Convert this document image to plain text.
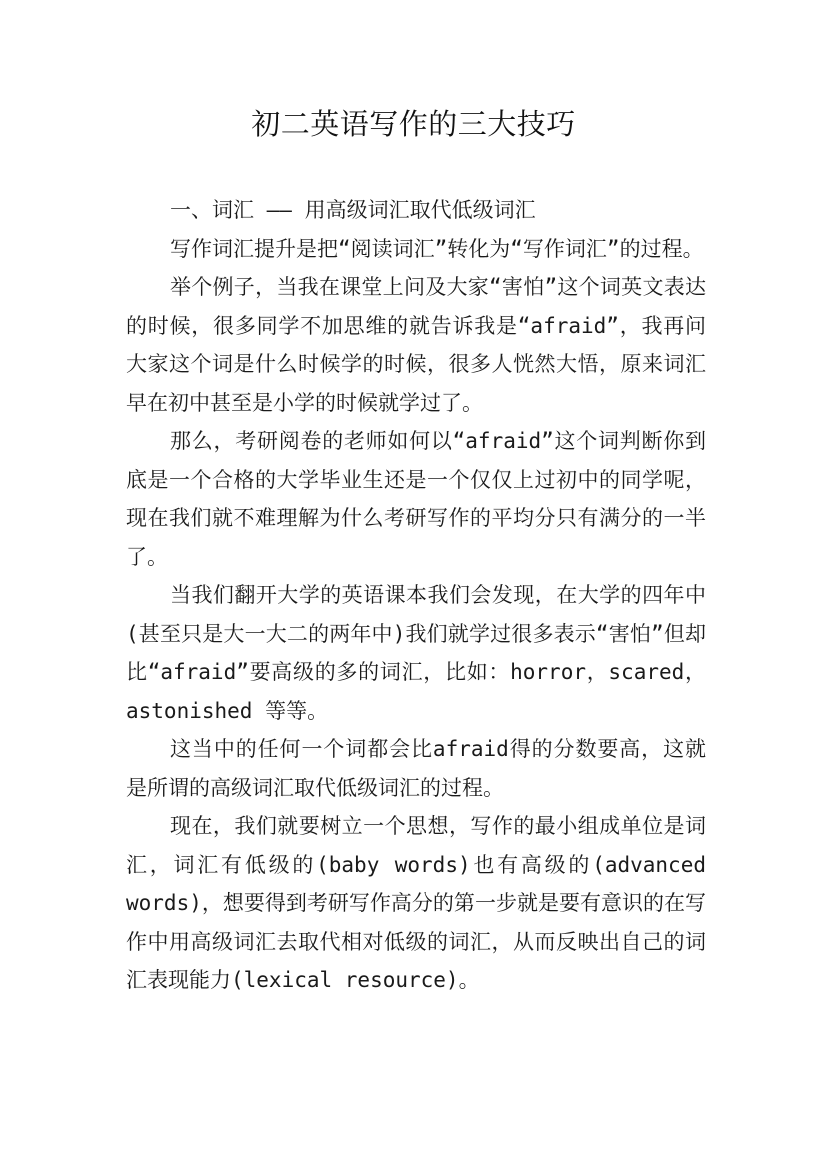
初二英语写作的三大技巧

一、词汇 —— 用高级词汇取代低级词汇

写作词汇提升是把“阅读词汇”转化为“写作词汇”的过程。

举个例子，当我在课堂上问及大家“害怕”这个词英文表达的时候，很多同学不加思维的就告诉我是“afraid”，我再问大家这个词是什么时候学的时候，很多人恍然大悟，原来词汇早在初中甚至是小学的时候就学过了。

那么，考研阅卷的老师如何以“afraid”这个词判断你到底是一个合格的大学毕业生还是一个仅仅上过初中的同学呢，现在我们就不难理解为什么考研写作的平均分只有满分的一半了。

当我们翻开大学的英语课本我们会发现，在大学的四年中(甚至只是大一大二的两年中)我们就学过很多表示“害怕”但却比“afraid”要高级的多的词汇，比如：horror，scared，astonished 等等。

这当中的任何一个词都会比afraid得的分数要高，这就是所谓的高级词汇取代低级词汇的过程。

现在，我们就要树立一个思想，写作的最小组成单位是词汇，词汇有低级的(baby words)也有高级的(advanced words)，想要得到考研写作高分的第一步就是要有意识的在写作中用高级词汇去取代相对低级的词汇，从而反映出自己的词汇表现能力(lexical resource)。
